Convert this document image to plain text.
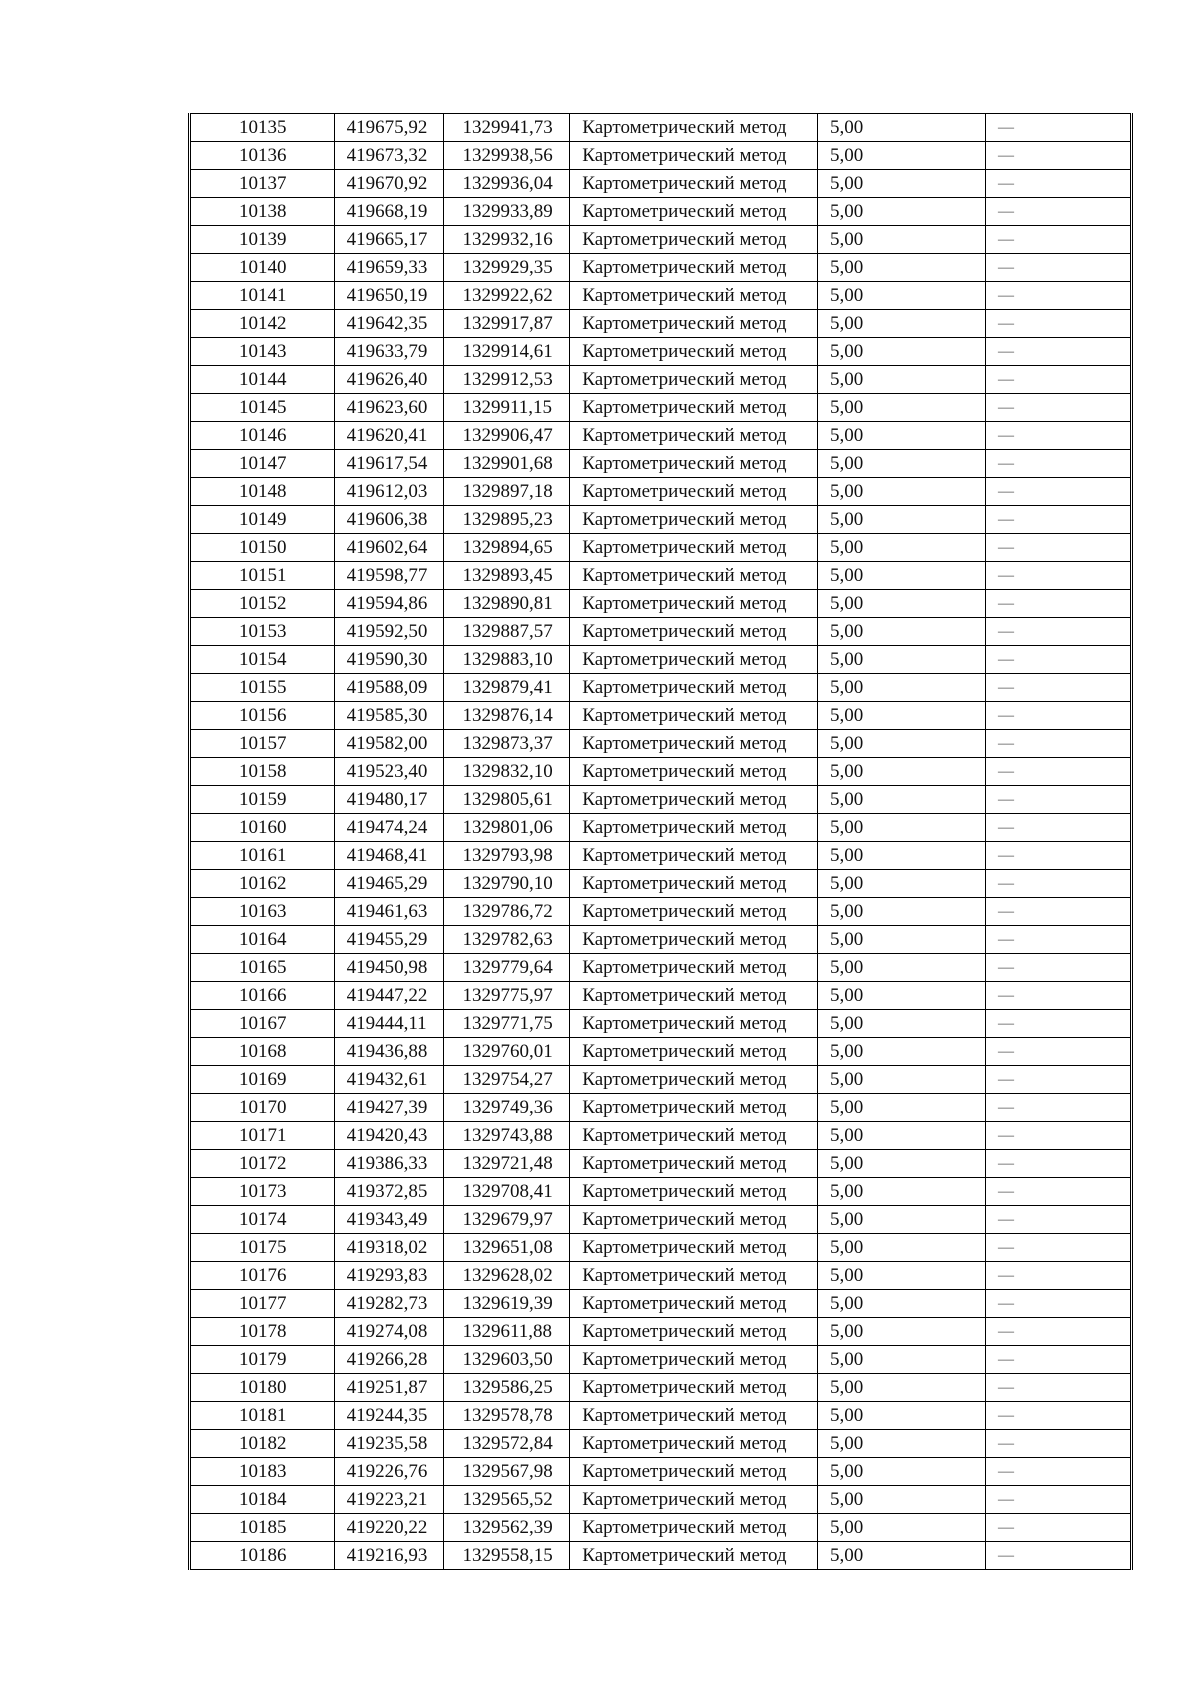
10135	419675,92	1329941,73	Картометрический метод	5,00	—
10136	419673,32	1329938,56	Картометрический метод	5,00	—
10137	419670,92	1329936,04	Картометрический метод	5,00	—
10138	419668,19	1329933,89	Картометрический метод	5,00	—
10139	419665,17	1329932,16	Картометрический метод	5,00	—
10140	419659,33	1329929,35	Картометрический метод	5,00	—
10141	419650,19	1329922,62	Картометрический метод	5,00	—
10142	419642,35	1329917,87	Картометрический метод	5,00	—
10143	419633,79	1329914,61	Картометрический метод	5,00	—
10144	419626,40	1329912,53	Картометрический метод	5,00	—
10145	419623,60	1329911,15	Картометрический метод	5,00	—
10146	419620,41	1329906,47	Картометрический метод	5,00	—
10147	419617,54	1329901,68	Картометрический метод	5,00	—
10148	419612,03	1329897,18	Картометрический метод	5,00	—
10149	419606,38	1329895,23	Картометрический метод	5,00	—
10150	419602,64	1329894,65	Картометрический метод	5,00	—
10151	419598,77	1329893,45	Картометрический метод	5,00	—
10152	419594,86	1329890,81	Картометрический метод	5,00	—
10153	419592,50	1329887,57	Картометрический метод	5,00	—
10154	419590,30	1329883,10	Картометрический метод	5,00	—
10155	419588,09	1329879,41	Картометрический метод	5,00	—
10156	419585,30	1329876,14	Картометрический метод	5,00	—
10157	419582,00	1329873,37	Картометрический метод	5,00	—
10158	419523,40	1329832,10	Картометрический метод	5,00	—
10159	419480,17	1329805,61	Картометрический метод	5,00	—
10160	419474,24	1329801,06	Картометрический метод	5,00	—
10161	419468,41	1329793,98	Картометрический метод	5,00	—
10162	419465,29	1329790,10	Картометрический метод	5,00	—
10163	419461,63	1329786,72	Картометрический метод	5,00	—
10164	419455,29	1329782,63	Картометрический метод	5,00	—
10165	419450,98	1329779,64	Картометрический метод	5,00	—
10166	419447,22	1329775,97	Картометрический метод	5,00	—
10167	419444,11	1329771,75	Картометрический метод	5,00	—
10168	419436,88	1329760,01	Картометрический метод	5,00	—
10169	419432,61	1329754,27	Картометрический метод	5,00	—
10170	419427,39	1329749,36	Картометрический метод	5,00	—
10171	419420,43	1329743,88	Картометрический метод	5,00	—
10172	419386,33	1329721,48	Картометрический метод	5,00	—
10173	419372,85	1329708,41	Картометрический метод	5,00	—
10174	419343,49	1329679,97	Картометрический метод	5,00	—
10175	419318,02	1329651,08	Картометрический метод	5,00	—
10176	419293,83	1329628,02	Картометрический метод	5,00	—
10177	419282,73	1329619,39	Картометрический метод	5,00	—
10178	419274,08	1329611,88	Картометрический метод	5,00	—
10179	419266,28	1329603,50	Картометрический метод	5,00	—
10180	419251,87	1329586,25	Картометрический метод	5,00	—
10181	419244,35	1329578,78	Картометрический метод	5,00	—
10182	419235,58	1329572,84	Картометрический метод	5,00	—
10183	419226,76	1329567,98	Картометрический метод	5,00	—
10184	419223,21	1329565,52	Картометрический метод	5,00	—
10185	419220,22	1329562,39	Картометрический метод	5,00	—
10186	419216,93	1329558,15	Картометрический метод	5,00	—
